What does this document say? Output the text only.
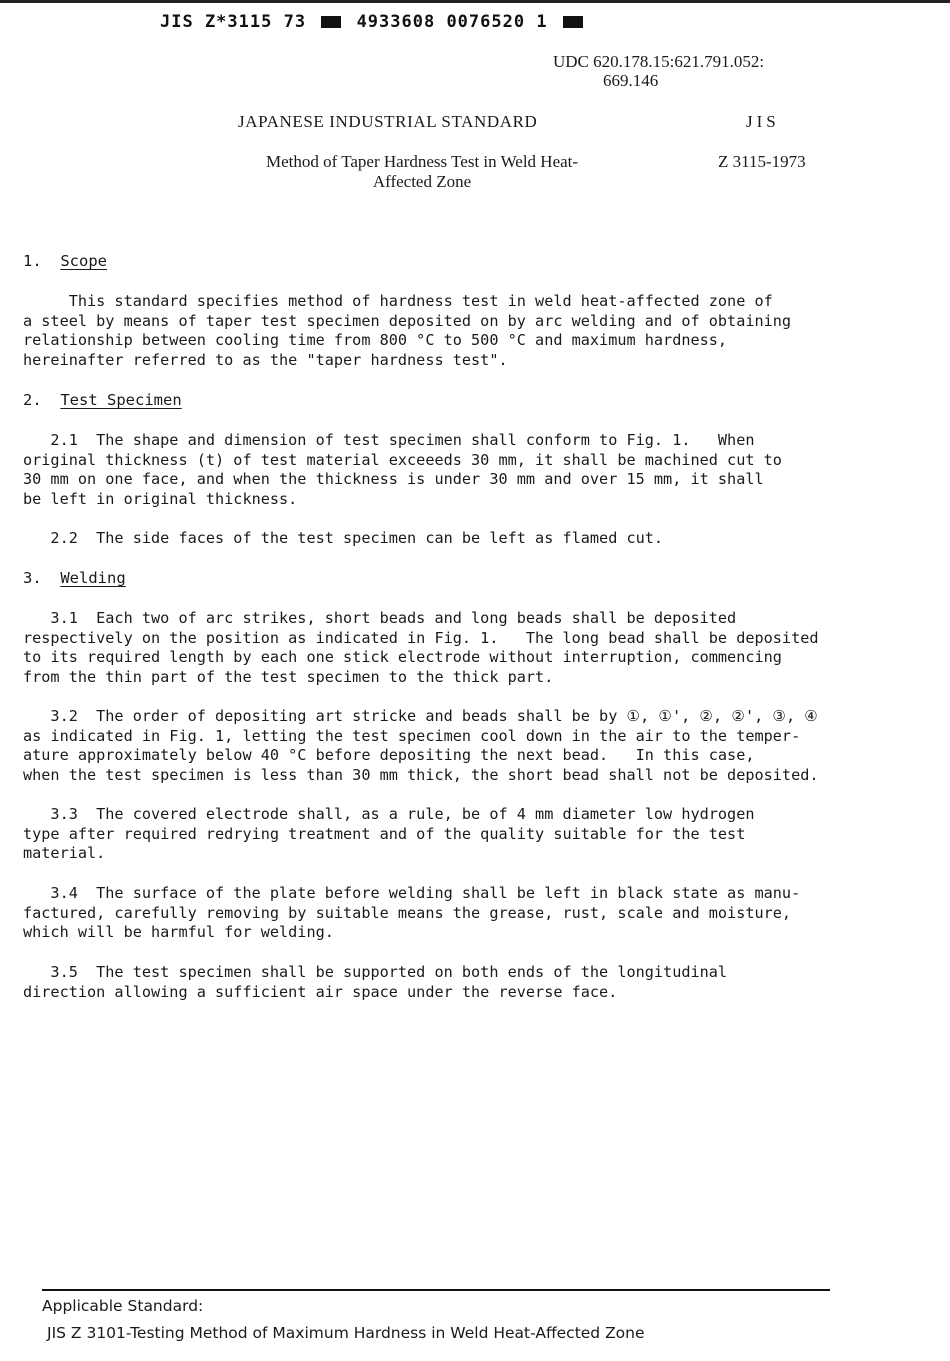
JIS Z*3115 73	4933608 0076520 1
UDC 620.178.15:621.791.052:
669.146
JAPANESE INDUSTRIAL STANDARD	JIS
Method of Taper Hardness Test in Weld Heat-Affected Zone
Z 3115-1973
1. Scope
This standard specifies method of hardness test in weld heat-affected zone of
a steel by means of taper test specimen deposited on by arc welding and of obtaining
relationship between cooling time from 800 °C to 500 °C and maximum hardness,
hereinafter referred to as the "taper hardness test".
2. Test Specimen
2.1  The shape and dimension of test specimen shall conform to Fig. 1.   When
original thickness (t) of test material exceeeds 30 mm, it shall be machined cut to
30 mm on one face, and when the thickness is under 30 mm and over 15 mm, it shall
be left in original thickness.
2.2  The side faces of the test specimen can be left as flamed cut.
3. Welding
3.1  Each two of arc strikes, short beads and long beads shall be deposited
respectively on the position as indicated in Fig. 1.   The long bead shall be deposited
to its required length by each one stick electrode without interruption, commencing
from the thin part of the test specimen to the thick part.
3.2  The order of depositing art stricke and beads shall be by ①, ①', ②, ②', ③, ④
as indicated in Fig. 1, letting the test specimen cool down in the air to the temper-
ature approximately below 40 °C before depositing the next bead.   In this case,
when the test specimen is less than 30 mm thick, the short bead shall not be deposited.
3.3  The covered electrode shall, as a rule, be of 4 mm diameter low hydrogen
type after required redrying treatment and of the quality suitable for the test
material.
3.4  The surface of the plate before welding shall be left in black state as manu-
factured, carefully removing by suitable means the grease, rust, scale and moisture,
which will be harmful for welding.
3.5  The test specimen shall be supported on both ends of the longitudinal
direction allowing a sufficient air space under the reverse face.
Applicable Standard:
JIS Z 3101-Testing Method of Maximum Hardness in Weld Heat-Affected Zone
